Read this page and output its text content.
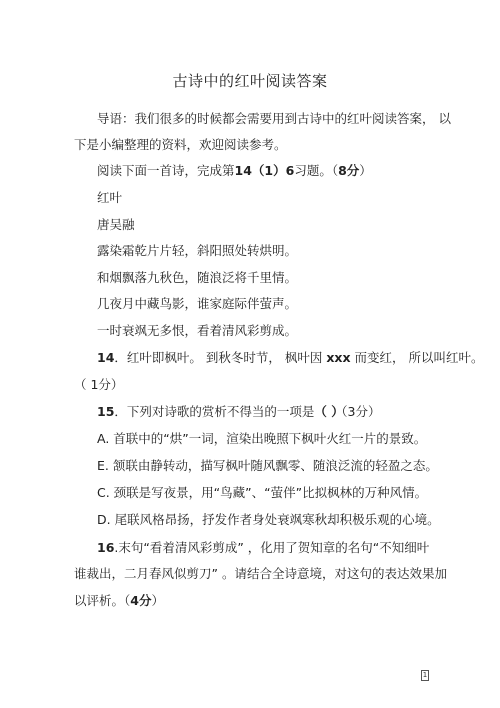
古诗中的红叶阅读答案
导语：我们很多的时候都会需要用到古诗中的红叶阅读答案， 以
下是小编整理的资料，欢迎阅读参考。
阅读下面一首诗，完成第14（1）6习题。（8分）
红叶
唐吴融
露染霜乾片片轻，斜阳照处转烘明。
和烟飘落九秋色，随浪泛将千里情。
几夜月中藏鸟影，谁家庭际伴萤声。
一时衰飒无多恨，看着清风彩剪成。
14．红叶即枫叶。 到秋冬时节， 枫叶因 xxx 而变红， 所以叫红叶。
（ 1分）
15．下列对诗歌的赏析不得当的一项是（ ）
（3分）
A. 首联中的“烘”一词，渲染出晚照下枫叶火红一片的景致。
E. 颔联由静转动，描写枫叶随风飘零、随浪泛流的轻盈之态。
C. 颈联是写夜景，用“鸟藏”、“萤伴”比拟枫林的万种风情。
D. 尾联风格昂扬，抒发作者身处衰飒寒秋却积极乐观的心境。
16.末句“看着清风彩剪成” ，化用了贺知章的名句“不知细叶
谁裁出，二月春风似剪刀” 。请结合全诗意境，对这句的表达效果加
以评析。（4分）
1
